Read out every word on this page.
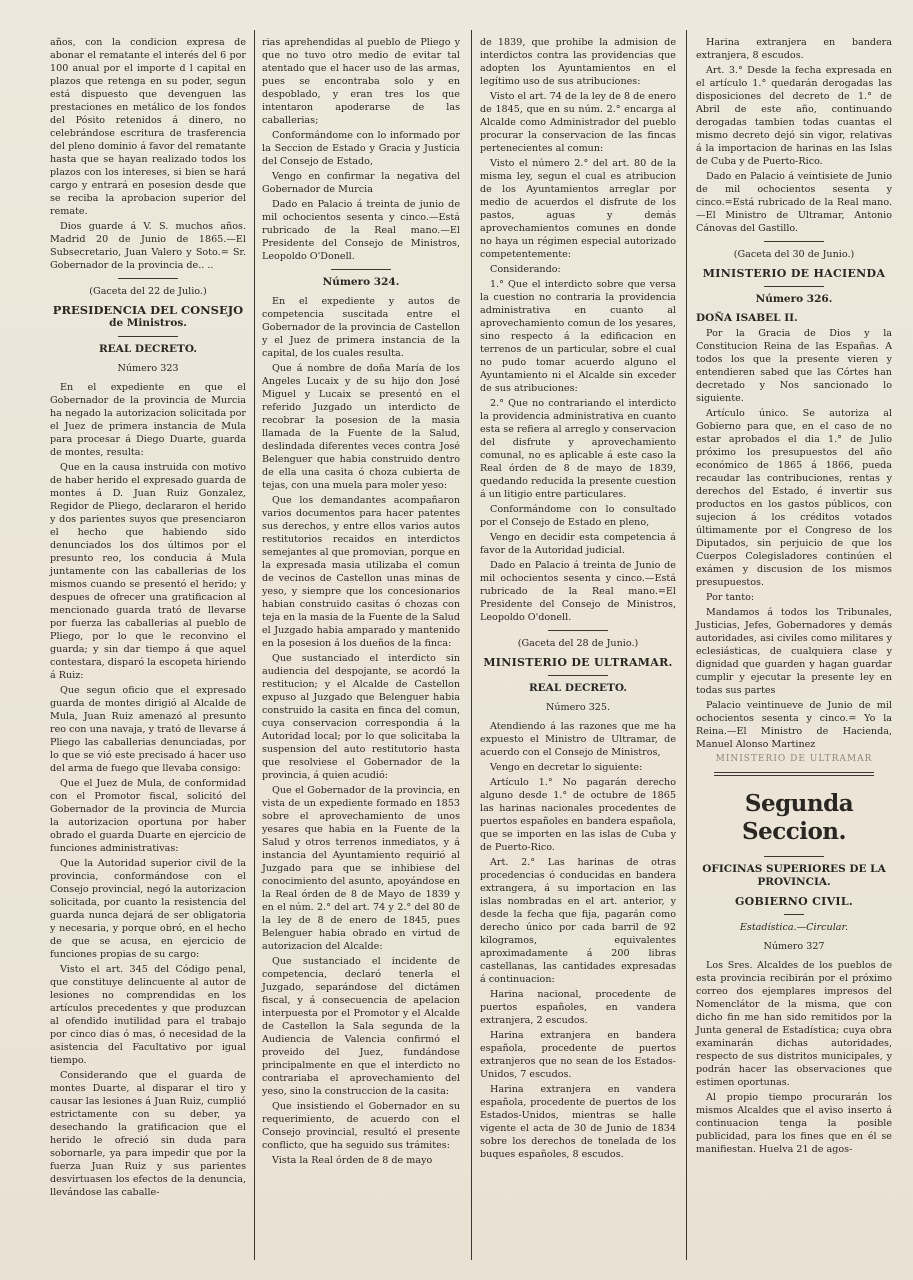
años, con la condicion expresa de abonar el rematante el interés del 6 por 100 anual por el importe d l capital en plazos que retenga en su poder, segun está dispuesto que devenguen las prestaciones en metálico de los fondos del Pósito retenidos á dinero, no celebrándose escritura de trasferencia del pleno dominio á favor del rematante hasta que se hayan realizado todos los plazos con los intereses, si bien se hará cargo y entrará en posesion desde que se reciba la aprobacion superior del remate.

Dios guarde á V. S. muchos años. Madrid 20 de Junio de 1865.—El Subsecretario, Juan Valero y Soto.= Sr. Gobernador de la provincia de.. ..

(Gaceta del 22 de Julio.)

PRESIDENCIA DEL CONSEJO

de Ministros.

REAL DECRETO.

Número 323

En el expediente en que el Gobernador de la provincia de Murcia ha negado la autorizacion solicitada por el Juez de primera instancia de Mula para procesar á Diego Duarte, guarda de montes, resulta:

Que en la causa instruida con motivo de haber herido el expresado guarda de montes á D. Juan Ruiz Gonzalez, Regidor de Pliego, declararon el herido y dos parientes suyos que presenciaron el hecho que habiendo sido denunciados los dos últimos por el presunto reo, los conducia á Mula juntamente con las caballerias de los mismos cuando se presentó el herido; y despues de ofrecer una gratificacion al mencionado guarda trató de llevarse por fuerza las caballerias al pueblo de Pliego, por lo que le reconvino el guarda; y sin dar tiempo á que aquel contestara, disparó la escopeta hiriendo á Ruiz:

Que segun oficio que el expresado guarda de montes dirigió al Alcalde de Mula, Juan Ruiz amenazó al presunto reo con una navaja, y trató de llevarse á Pliego las caballerias denunciadas, por lo que se vió este precisado á hacer uso del arma de fuego que llevaba consigo:

Que el Juez de Mula, de conformidad con el Promotor fiscal, solicitó del Gobernador de la provincia de Murcia la autorizacion oportuna por haber obrado el guarda Duarte en ejercicio de funciones administrativas:

Que la Autoridad superior civil de la provincia, conformándose con el Consejo provincial, negó la autorizacion solicitada, por cuanto la resistencia del guarda nunca dejará de ser obligatoria y necesaria, y porque obró, en el hecho de que se acusa, en ejercicio de funciones propias de su cargo:

Visto el art. 345 del Código penal, que constituye delincuente al autor de lesiones no comprendidas en los artículos precedentes y que produzcan al ofendido inutilidad para el trabajo por cinco dias ó mas, ó necesidad de la asistencia del Facultativo por igual tiempo.

Considerando que el guarda de montes Duarte, al disparar el tiro y causar las lesiones á Juan Ruiz, cumplió estrictamente con su deber, ya desechando la gratificacion que el herido le ofreció sin duda para sobornarle, ya para impedir que por la fuerza Juan Ruiz y sus parientes desvirtuasen los efectos de la denuncia, llevándose las caballe-

rias aprehendidas al pueblo de Pliego y que no tuvo otro medio de evitar tal atentado que el hacer uso de las armas, pues se encontraba solo y en despoblado, y eran tres los que intentaron apoderarse de las caballerias;

Conformándome con lo informado por la Seccion de Estado y Gracia y Justicia del Consejo de Estado,

Vengo en confirmar la negativa del Gobernador de Murcia

Dado en Palacio á treinta de junio de mil ochocientos sesenta y cinco.—Está rubricado de la Real mano.—El Presidente del Consejo de Ministros, Leopoldo O'Donell.

Número 324.

En el expediente y autos de competencia suscitada entre el Gobernador de la provincia de Castellon y el Juez de primera instancia de la capital, de los cuales resulta.

Que á nombre de doña María de los Angeles Lucaix y de su hijo don José Miguel y Lucaix se presentó en el referido Juzgado un interdicto de recobrar la posesion de la masia llamada de la Fuente de la Salud, deslindada diferentes veces contra José Belenguer que habia construido dentro de ella una casita ó choza cubierta de tejas, con una muela para moler yeso:

Que los demandantes acompañaron varios documentos para hacer patentes sus derechos, y entre ellos varios autos restitutorios recaidos en interdictos semejantes al que promovian, porque en la expresada masia utilizaba el comun de vecinos de Castellon unas minas de yeso, y siempre que los concesionarios habian construido casitas ó chozas con teja en la masia de la Fuente de la Salud el Juzgado habia amparado y mantenido en la posesion á los dueños de la finca:

Que sustanciado el interdicto sin audiencia del despojante, se acordó la restitucion; y el Alcalde de Castellon expuso al Juzgado que Belenguer habia construido la casita en finca del comun, cuya conservacion correspondia á la Autoridad local; por lo que solicitaba la suspension del auto restitutorio hasta que resolviese el Gobernador de la provincia, á quien acudió:

Que el Gobernador de la provincia, en vista de un expediente formado en 1853 sobre el aprovechamiento de unos yesares que habia en la Fuente de la Salud y otros terrenos inmediatos, y á instancia del Ayuntamiento requirió al Juzgado para que se inhibiese del conocimiento del asunto, apoyándose en la Real órden de 8 de Mayo de 1839 y en el núm. 2.° del art. 74 y 2.° del 80 de la ley de 8 de enero de 1845, pues Belenguer habia obrado en virtud de autorizacion del Alcalde:

Que sustanciado el incidente de competencia, declaró tenerla el Juzgado, separándose del dictámen fiscal, y á consecuencia de apelacion interpuesta por el Promotor y el Alcalde de Castellon la Sala segunda de la Audiencia de Valencia confirmó el proveido del Juez, fundándose principalmente en que el interdicto no contrariaba el aprovechamiento del yeso, sino la construccion de la casita:

Que insistiendo el Gobernador en su requerimiento, de acuerdo con el Consejo provincial, resultó el presente conflicto, que ha seguido sus trámites:

Vista la Real órden de 8 de mayo

de 1839, que prohibe la admision de interdictos contra las providencias que adopten los Ayuntamientos en el legítimo uso de sus atribuciones:

Visto el art. 74 de la ley de 8 de enero de 1845, que en su núm. 2.° encarga al Alcalde como Administrador del pueblo procurar la conservacion de las fincas pertenecientes al comun:

Visto el número 2.° del art. 80 de la misma ley, segun el cual es atribucion de los Ayuntamientos arreglar por medio de acuerdos el disfrute de los pastos, aguas y demás aprovechamientos comunes en donde no haya un régimen especial autorizado competentemente:

Considerando:

1.° Que el interdicto sobre que versa la cuestion no contraria la providencia administrativa en cuanto al aprovechamiento comun de los yesares, sino respecto á la edificacion en terrenos de un particular, sobre el cual no pudo tomar acuerdo alguno el Ayuntamiento ni el Alcalde sin exceder de sus atribuciones:

2.° Que no contrariando el interdicto la providencia administrativa en cuanto esta se refiera al arreglo y conservacion del disfrute y aprovechamiento comunal, no es aplicable á este caso la Real órden de 8 de mayo de 1839, quedando reducida la presente cuestion á un litigio entre particulares.

Conformándome con lo consultado por el Consejo de Estado en pleno,

Vengo en decidir esta competencia á favor de la Autoridad judicial.

Dado en Palacio á treinta de Junio de mil ochocientos sesenta y cinco.—Está rubricado de la Real mano.=El Presidente del Consejo de Ministros, Leopoldo O'donell.

(Gaceta del 28 de Junio.)

MINISTERIO DE ULTRAMAR.

REAL DECRETO.

Número 325.

Atendiendo á las razones que me ha expuesto el Ministro de Ultramar, de acuerdo con el Consejo de Ministros,

Vengo en decretar lo siguiente:

Artículo 1.° No pagarán derecho alguno desde 1.° de octubre de 1865 las harinas nacionales procedentes de puertos españoles en bandera española, que se importen en las islas de Cuba y de Puerto-Rico.

Art. 2.° Las harinas de otras procedencias ó conducidas en bandera extrangera, á su importacion en las islas nombradas en el art. anterior, y desde la fecha que fija, pagarán como derecho único por cada barril de 92 kilogramos, equivalentes aproximadamente á 200 libras castellanas, las cantidades expresadas á continuacion:

Harina nacional, procedente de puertos españoles, en vandera extranjera, 2 escudos.

Harina extranjera en bandera española, procedente de puertos extranjeros que no sean de los Estados-Unidos, 7 escudos.

Harina extranjera en vandera española, procedente de puertos de los Estados-Unidos, mientras se halle vigente el acta de 30 de Junio de 1834 sobre los derechos de tonelada de los buques españoles, 8 escudos.

Harina extranjera en bandera extranjera, 8 escudos.

Art. 3.° Desde la fecha expresada en el artículo 1.° quedarán derogadas las disposiciones del decreto de 1.° de Abril de este año, continuando derogadas tambien todas cuantas el mismo decreto dejó sin vigor, relativas á la importacion de harinas en las Islas de Cuba y de Puerto-Rico.

Dado en Palacio á veintisiete de Junio de mil ochocientos sesenta y cinco.=Está rubricado de la Real mano.—El Ministro de Ultramar, Antonio Cánovas del Gastillo.

(Gaceta del 30 de Junio.)

MINISTERIO DE HACIENDA

Número 326.

DOÑA ISABEL II.

Por la Gracia de Dios y la Constitucion Reina de las Españas. A todos los que la presente vieren y entendieren sabed que las Córtes han decretado y Nos sancionado lo siguiente.

Artículo único. Se autoriza al Gobierno para que, en el caso de no estar aprobados el dia 1.° de Julio próximo los presupuestos del año económico de 1865 á 1866, pueda recaudar las contribuciones, rentas y derechos del Estado, é invertir sus productos en los gastos públicos, con sujecion á los créditos votados últimamente por el Congreso de los Diputados, sin perjuicio de que los Cuerpos Colegisladores continúen el exámen y discusion de los mismos presupuestos.

Por tanto:

Mandamos á todos los Tribunales, Justicias, Jefes, Gobernadores y demás autoridades, asi civiles como militares y eclesiásticas, de cualquiera clase y dignidad que guarden y hagan guardar cumplir y ejecutar la presente ley en todas sus partes

Palacio veintinueve de Junio de mil ochocientos sesenta y cinco.= Yo la Reina.—El Ministro de Hacienda, Manuel Alonso Martinez

MINISTERIO DE ULTRAMAR

Segunda Seccion.

OFICINAS SUPERIORES DE LA PROVINCIA.

GOBIERNO CIVIL.

Estadística.—Circular.

Número 327

Los Sres. Alcaldes de los pueblos de esta provincia recibirán por el próximo correo dos ejemplares impresos del Nomenclátor de la misma, que con dicho fin me han sido remitidos por la Junta general de Estadística; cuya obra examinarán dichas autoridades, respecto de sus distritos municipales, y podrán hacer las observaciones que estimen oportunas.

Al propio tiempo procurarán los mismos Alcaldes que el aviso inserto á continuacion tenga la posible publicidad, para los fines que en él se manifiestan. Huelva 21 de agos-
